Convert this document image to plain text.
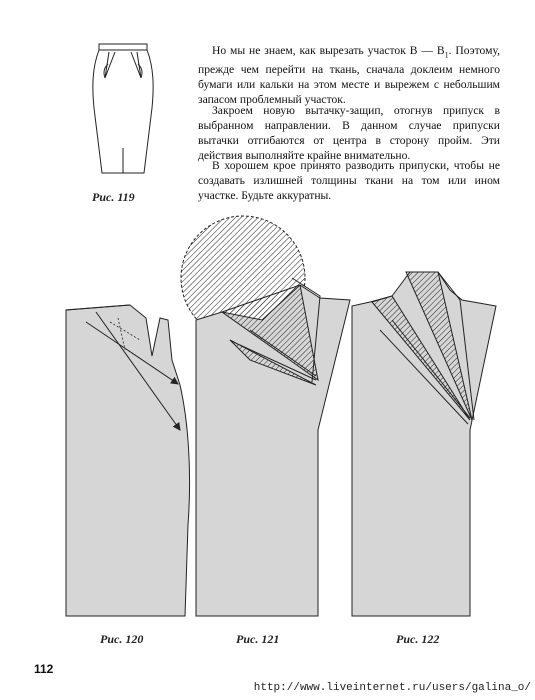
Рис. 119

Но мы не знаем, как вырезать участок В — $В_1$. Поэтому, прежде чем перейти на ткань, сначала доклеим немного бумаги или кальки на этом месте и вырежем с небольшим запасом проблемный участок.

Закроем новую вытачку-защип, отогнув припуск в выбранном направлении. В данном случае припуски вытачки отгибаются от центра в сторону пройм. Эти действия выполняйте крайне внимательно.

В хорошем крое принято разводить припуски, чтобы не создавать излишней толщины ткани на том или ином участке. Будьте аккуратны.

Рис. 120	Рис. 121	Рис. 122
112
http://www.liveinternet.ru/users/galina_o/
